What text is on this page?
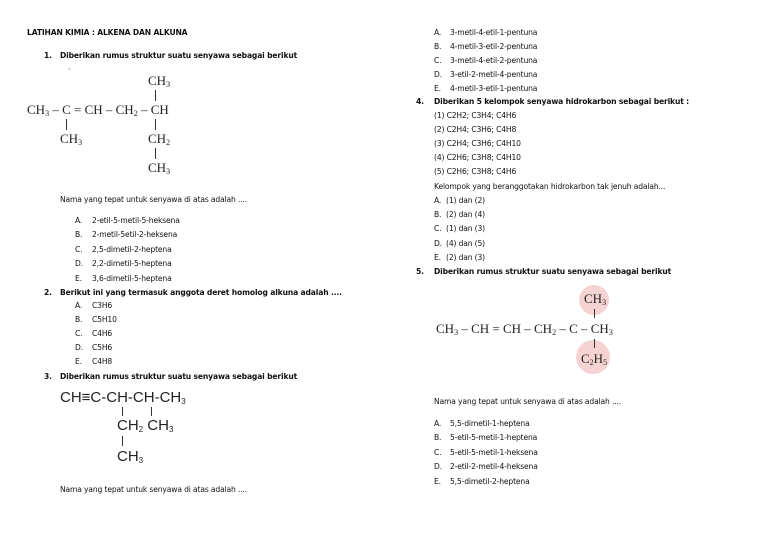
LATIHAN KIMIA : ALKENA DAN ALKUNA
1. Diberikan rumus struktur suatu senyawa sebagai berikut
·
$CH_3$
$CH_3$ – C = CH – $CH_2$ – CH
$CH_3$	$CH_2$
$CH_3$
Nama yang tepat untuk senyawa di atas adalah ....
A. 2-etil-5-metil-5-heksena
B. 2-metil-5etil-2-heksena
C. 2,5-dimetil-2-heptena
D. 2,2-dimetil-5-heptena
E. 3,6-dimetil-5-heptena
2. Berikut ini yang termasuk anggota deret homolog alkuna adalah ....
A. C3H6
B. C5H10
C. C4H6
D. C5H6
E. C4H8
3. Diberikan rumus struktur suatu senyawa sebagai berikut
$CH\equiv C-CH-CH-CH_3$
$CH_2$ $CH_3$
$CH_3$
Nama yang tepat untuk senyawa di atas adalah ....
A. 3-metil-4-etil-1-pentuna
B. 4-metil-3-etil-2-pentuna
C. 3-metil-4-etil-2-pentuna
D. 3-etil-2-metil-4-pentuna
E. 4-metil-3-etil-1-pentuna
4. Diberikan 5 kelompok senyawa hidrokarbon sebagai berikut :
(1) C2H2; C3H4; C4H6
(2) C2H4; C3H6; C4H8
(3) C2H4; C3H6; C4H10
(4) C2H6; C3H8; C4H10
(5) C2H6; C3H8; C4H6
Kelompok yang beranggotakan hidrokarbon tak jenuh adalah...
A. (1) dan (2)
B. (2) dan (4)
C. (1) dan (3)
D. (4) dan (5)
E. (2) dan (3)
5. Diberikan rumus struktur suatu senyawa sebagai berikut
$CH_3$
$CH_3$ – CH = CH – $CH_2$ – C – $CH_3$
$C_2H_5$
Nama yang tepat untuk senyawa di atas adalah ....
A. 5,5-dimetil-1-heptena
B. 5-etil-5-metil-1-heptena
C. 5-etil-5-metil-1-heksena
D. 2-etil-2-metil-4-heksena
E. 5,5-dimetil-2-heptena
